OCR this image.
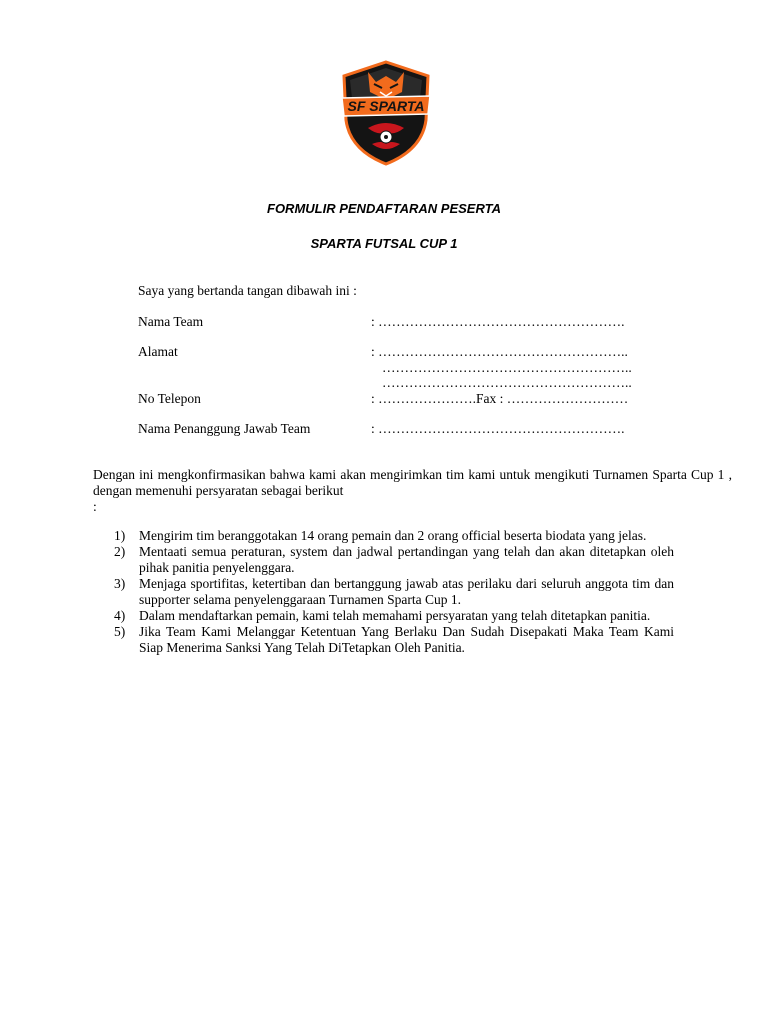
SF SPARTA

FORMULIR PENDAFTARAN PESERTA

SPARTA FUTSAL CUP 1

Saya yang bertanda tangan dibawah ini :

Nama Team	: ……………………………………………….

Alamat	: ………………………………………………..

………………………………………………..

………………………………………………..

No Telepon	: ………………….Fax : ………………………

Nama Penanggung Jawab Team	: ……………………………………………….

Dengan ini mengkonfirmasikan bahwa kami akan mengirimkan tim kami untuk mengikuti Turnamen Sparta Cup 1 , dengan memenuhi persyaratan sebagai berikut

:

1) Mengirim tim beranggotakan 14 orang pemain dan 2 orang official beserta biodata yang jelas.
2) Mentaati semua peraturan, system dan jadwal pertandingan yang telah dan akan ditetapkan oleh pihak panitia penyelenggara.
3) Menjaga sportifitas, ketertiban dan bertanggung jawab atas perilaku dari seluruh anggota tim dan supporter selama penyelenggaraan Turnamen Sparta Cup 1.
4) Dalam mendaftarkan pemain, kami telah memahami persyaratan yang telah ditetapkan panitia.
5) Jika Team Kami Melanggar Ketentuan Yang Berlaku Dan Sudah Disepakati Maka Team Kami Siap Menerima Sanksi Yang Telah DiTetapkan Oleh Panitia.
